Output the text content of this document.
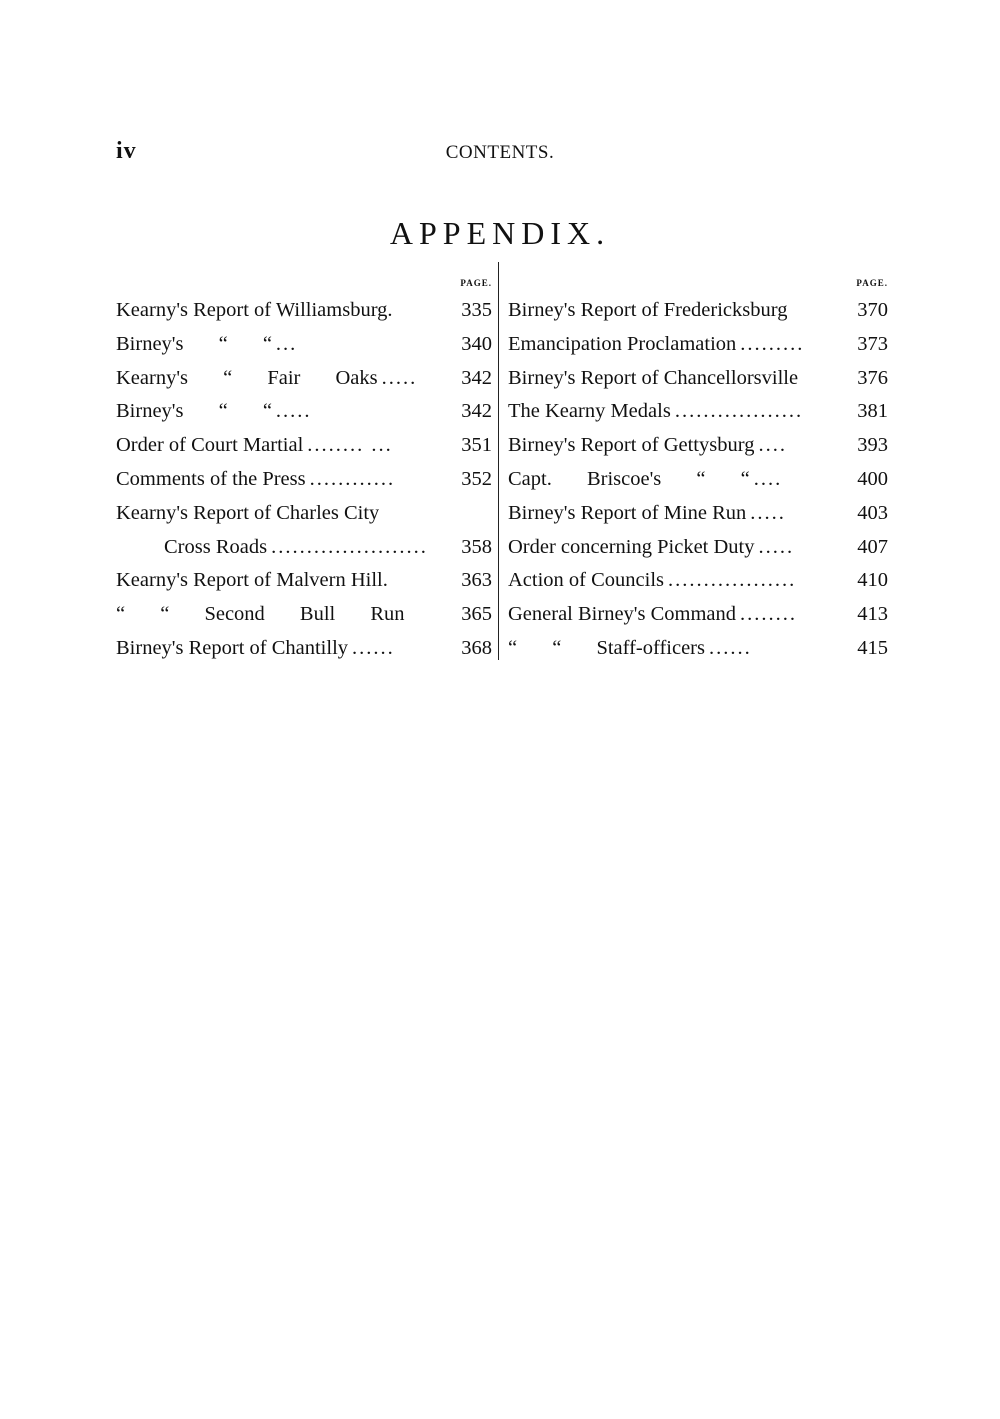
iv	CONTENTS.
APPENDIX.
PAGE.
Kearny's Report of Williamsburg.	335
Birney's “ “ ...	340
Kearny's “ Fair Oaks .....	342
Birney's “ “ .....	342
Order of Court Martial ........ ...	351
Comments of the Press ............	352
Kearny's Report of Charles City
Cross Roads ......................	358
Kearny's Report of Malvern Hill.	363
“ “ Second Bull Run	365
Birney's Report of Chantilly ......	368
PAGE.
Birney's Report of Fredericksburg	370
Emancipation Proclamation .........	373
Birney's Report of Chancellorsville	376
The Kearny Medals ..................	381
Birney's Report of Gettysburg ....	393
Capt. Briscoe's “ “ ....	400
Birney's Report of Mine Run .....	403
Order concerning Picket Duty .....	407
Action of Councils ..................	410
General Birney's Command ........	413
“ “ Staff-officers ......	415
